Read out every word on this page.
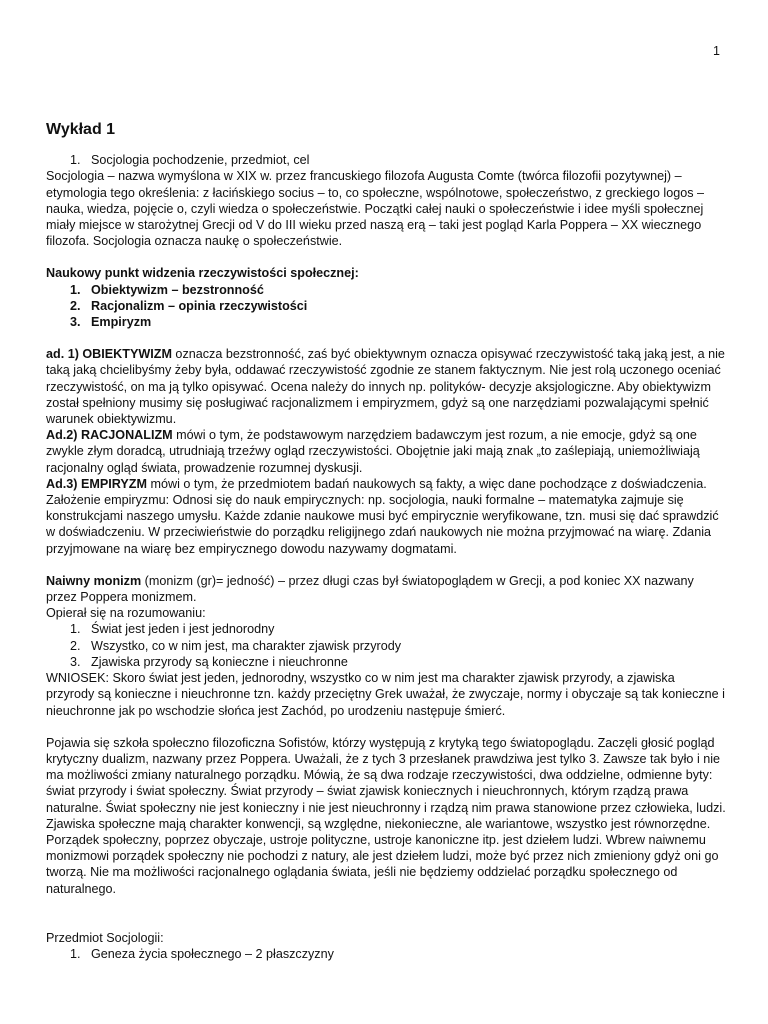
1
Wykład 1
1. Socjologia pochodzenie, przedmiot, cel

Socjologia – nazwa wymyślona w XIX w. przez francuskiego filozofa Augusta Comte (twórca filozofii pozytywnej) – etymologia tego określenia: z łacińskiego socius – to, co społeczne, wspólnotowe, społeczeństwo, z greckiego logos – nauka, wiedza, pojęcie o, czyli wiedza o społeczeństwie. Początki całej nauki o społeczeństwie i idee myśli społecznej miały miejsce w starożytnej Grecji od V do III wieku przed naszą erą – taki jest pogląd Karla Poppera – XX wiecznego filozofa. Socjologia oznacza naukę o społeczeństwie.

Naukowy punkt widzenia rzeczywistości społecznej:

1. Obiektywizm – bezstronność
2. Racjonalizm – opinia rzeczywistości
3. Empiryzm

ad. 1) OBIEKTYWIZM oznacza bezstronność, zaś być obiektywnym oznacza opisywać rzeczywistość taką jaką jest, a nie taką jaką chcielibyśmy żeby była, oddawać rzeczywistość zgodnie ze stanem faktycznym. Nie jest rolą uczonego oceniać rzeczywistość, on ma ją tylko opisywać. Ocena należy do innych np. polityków- decyzje aksjologiczne. Aby obiektywizm został spełniony musimy się posługiwać racjonalizmem i empiryzmem, gdyż są one narzędziami pozwalającymi spełnić warunek obiektywizmu.

Ad.2) RACJONALIZM mówi o tym, że podstawowym narzędziem badawczym jest rozum, a nie emocje, gdyż są one zwykle złym doradcą, utrudniają trzeźwy ogląd rzeczywistości. Obojętnie jaki mają znak „to zaślepiają, uniemożliwiają racjonalny ogląd świata, prowadzenie rozumnej dyskusji.

Ad.3) EMPIRYZM mówi o tym, że przedmiotem badań naukowych są fakty, a więc dane pochodzące z doświadczenia. Założenie empiryzmu: Odnosi się do nauk empirycznych: np. socjologia, nauki formalne – matematyka zajmuje się konstrukcjami naszego umysłu. Każde zdanie naukowe musi być empirycznie weryfikowane, tzn. musi się dać sprawdzić w doświadczeniu. W przeciwieństwie do porządku religijnego zdań naukowych nie można przyjmować na wiarę. Zdania przyjmowane na wiarę bez empirycznego dowodu nazywamy dogmatami.

Naiwny monizm (monizm (gr)= jedność) – przez długi czas był światopoglądem w Grecji, a pod koniec XX nazwany przez Poppera monizmem.

Opierał się na rozumowaniu:

1. Świat jest jeden i jest jednorodny
2. Wszystko, co w nim jest, ma charakter zjawisk przyrody
3. Zjawiska przyrody są konieczne i nieuchronne

WNIOSEK: Skoro świat jest jeden, jednorodny, wszystko co w nim jest ma charakter zjawisk przyrody, a zjawiska przyrody są konieczne i nieuchronne tzn. każdy przeciętny Grek uważał, że zwyczaje, normy i obyczaje są tak konieczne i nieuchronne jak po wschodzie słońca jest Zachód, po urodzeniu następuje śmierć.

Pojawia się szkoła społeczno filozoficzna Sofistów, którzy występują z krytyką tego światopoglądu. Zaczęli głosić pogląd krytyczny dualizm, nazwany przez Poppera. Uważali, że z tych 3 przesłanek prawdziwa jest tylko 3. Zawsze tak było i nie ma możliwości zmiany naturalnego porządku. Mówią, że są dwa rodzaje rzeczywistości, dwa oddzielne, odmienne byty: świat przyrody i świat społeczny. Świat przyrody – świat zjawisk koniecznych i nieuchronnych, którym rządzą prawa naturalne. Świat społeczny nie jest konieczny i nie jest nieuchronny i rządzą nim prawa stanowione przez człowieka, ludzi. Zjawiska społeczne mają charakter konwencji, są względne, niekonieczne, ale wariantowe, wszystko jest równorzędne. Porządek społeczny, poprzez obyczaje, ustroje polityczne, ustroje kanoniczne itp. jest dziełem ludzi. Wbrew naiwnemu monizmowi porządek społeczny nie pochodzi z natury, ale jest dziełem ludzi, może być przez nich zmieniony gdyż oni go tworzą. Nie ma możliwości racjonalnego oglądania świata, jeśli nie będziemy oddzielać porządku społecznego od naturalnego.

Przedmiot Socjologii:

1. Geneza życia społecznego – 2 płaszczyzny
